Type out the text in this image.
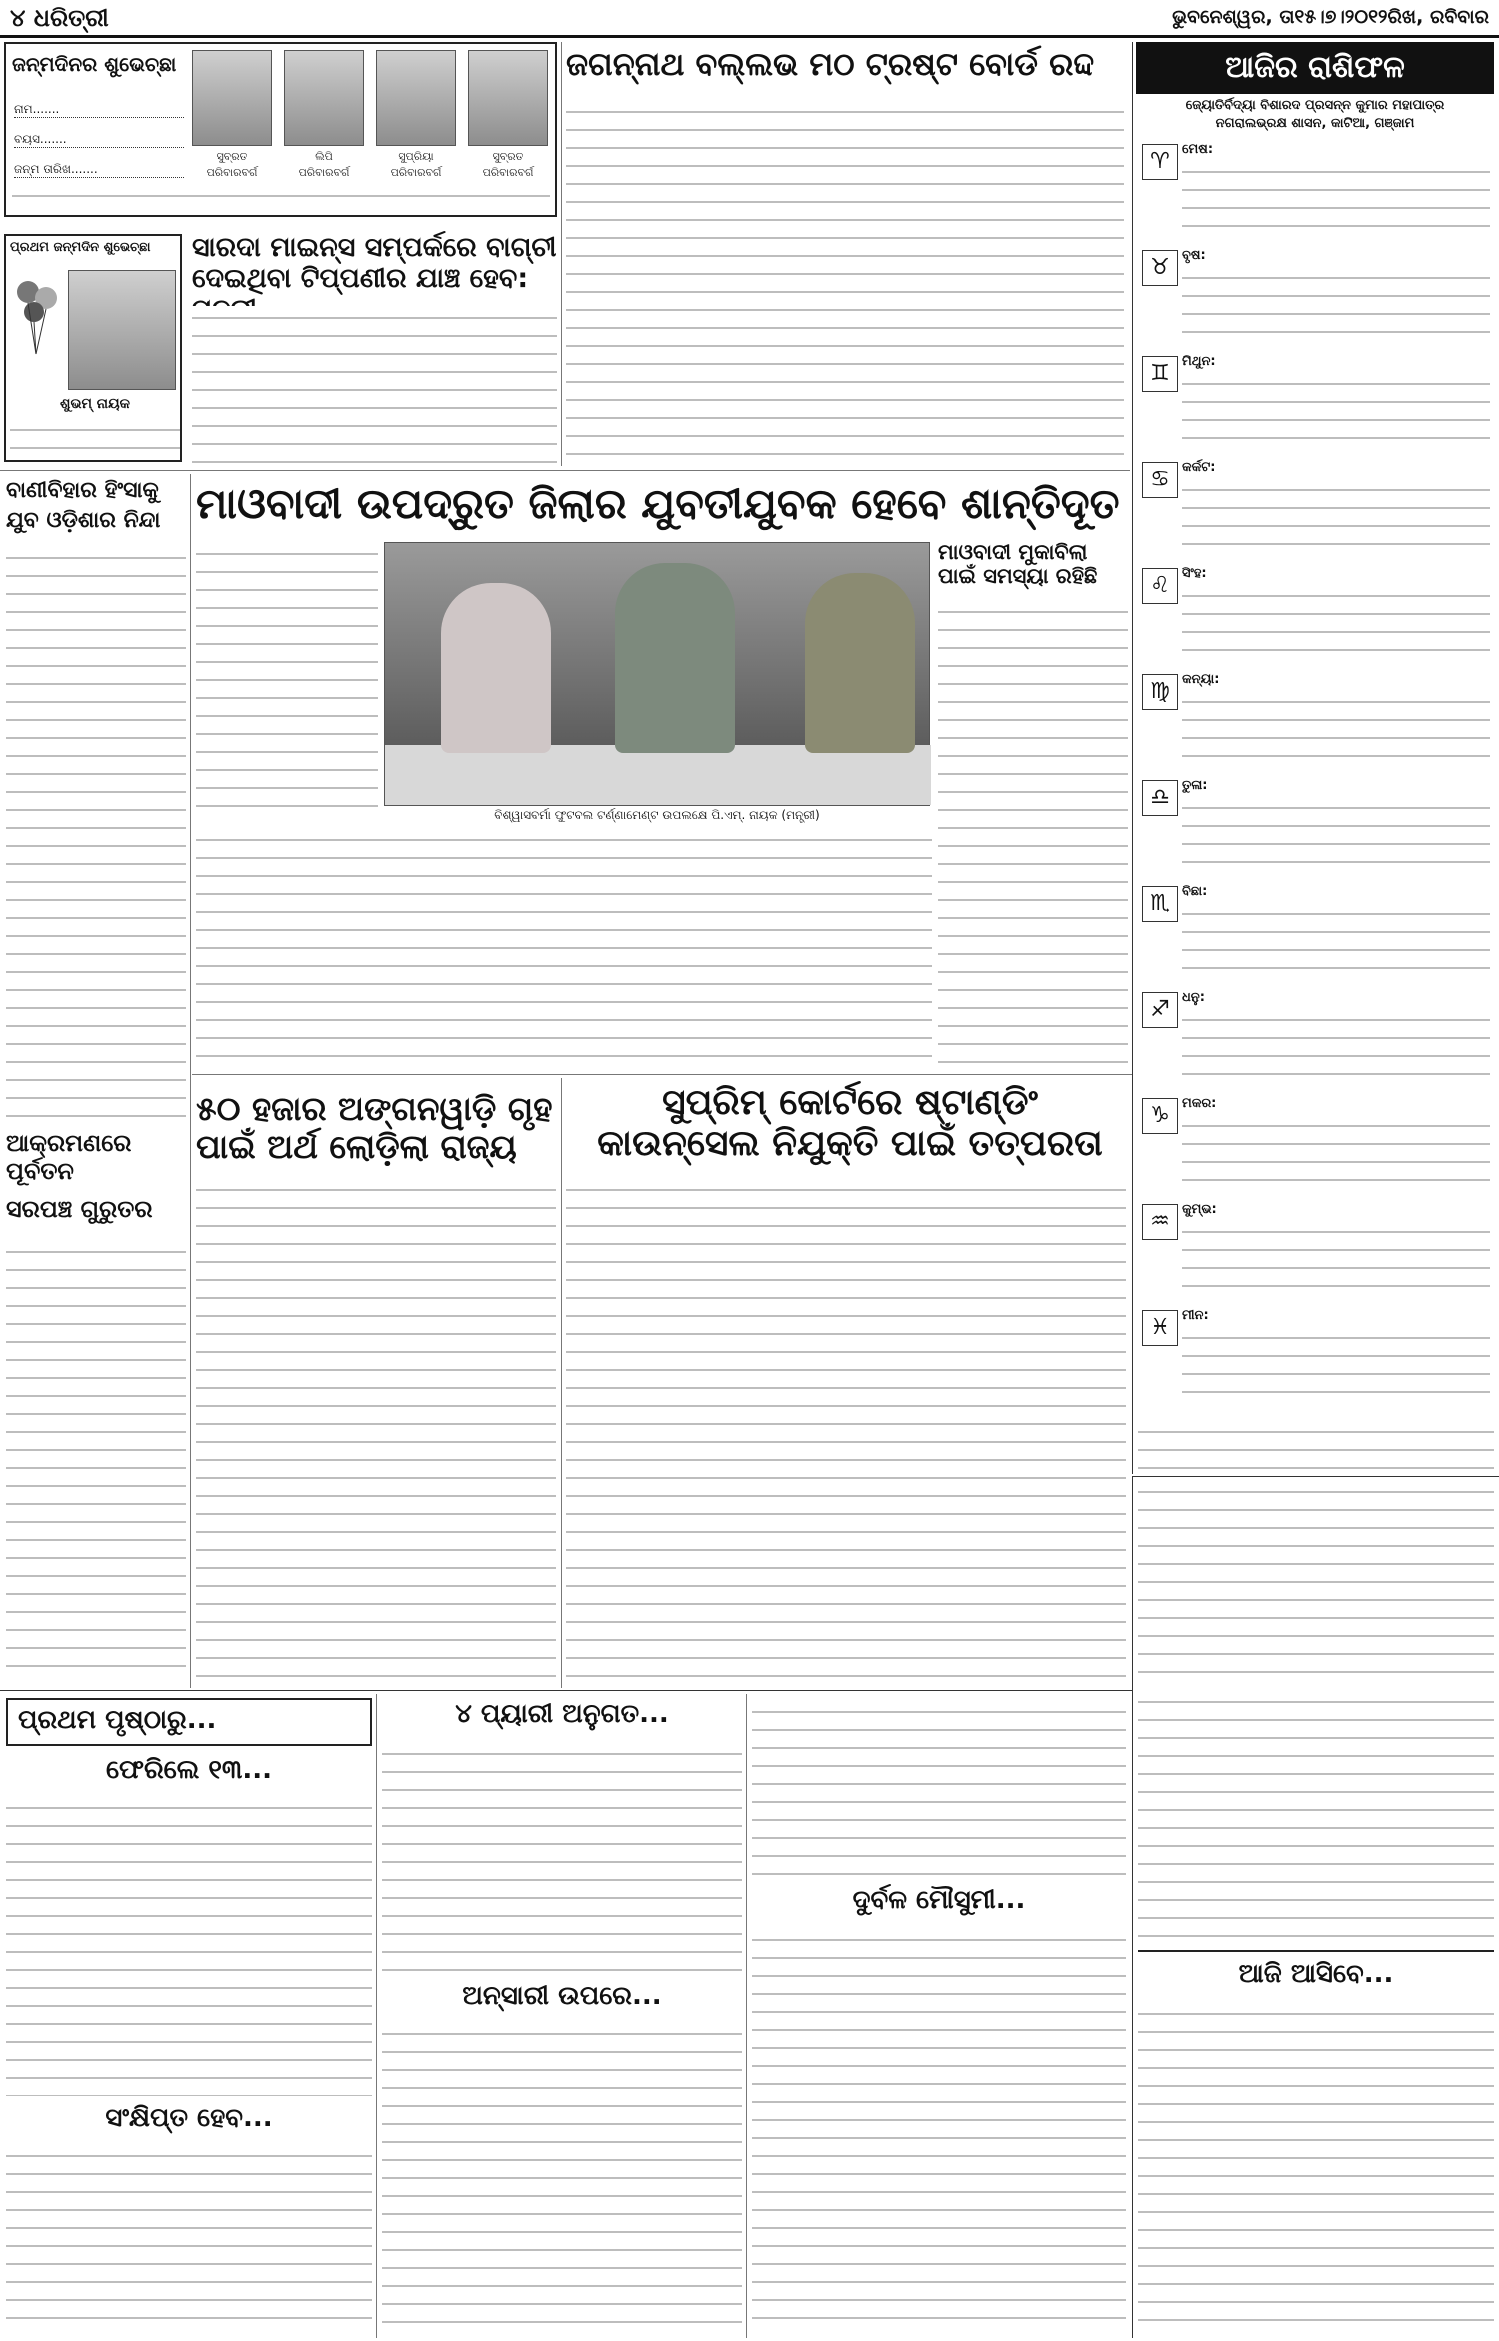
୪ ଧରିତ୍ରୀ	ଭୁବନେଶ୍ୱର, ତା୧୫।୭।୨୦୧୨ରିଖ, ରବିବାର
ଜନ୍ମଦିନର ଶୁଭେଚ୍ଛା
ନାମ.......
ବୟସ.......
ଜନ୍ମ ତାରିଖ.......
ସୁବ୍ରତ	ଲିପି	ସୁପ୍ରିୟା	ସୁବ୍ରତ
ପରିବାରବର୍ଗ	ପରିବାରବର୍ଗ	ପରିବାରବର୍ଗ	ପରିବାରବର୍ଗ
ପ୍ରଥମ ଜନ୍ମଦିନ ଶୁଭେଚ୍ଛା
ଶୁଭମ୍ ନାୟକ
ସାରଦା ମାଇନ୍ସ ସମ୍ପର୍କରେ ବାଗ୍ଚୀ ଦେଇଥିବା ଟିପ୍ପଣୀର ଯାଞ୍ଚ ହେବ:
ଜଗନ୍ନାଥ ବଲ୍ଲଭ ମଠ ଟ୍ରଷ୍ଟ ବୋର୍ଡ ରଦ୍ଦ	ଆଜିର ରାଶିଫଳ
ଜ୍ୟୋତିର୍ବିଦ୍ୟା ବିଶାରଦ ପ୍ରସନ୍ନ କୁମାର ମହାପାତ୍ର
ନଗରାଲଭ୍ରକ୍ଷ ଶାସନ, କାଟିଆ, ଗଞ୍ଜାମ
♈ ମେଷ:
♉ ବୃଷ:
♊ ମିଥୁନ:
♋ କର୍କଟ:
♌ ସିଂହ:
♍ କନ୍ୟା:
♎ ତୁଳା:
♏ ବିଛା:
♐ ଧନୁ:
♑ ମକର:
♒ କୁମ୍ଭ:
♓ ମୀନ:
ବାଣୀବିହାର ହିଂସାକୁ
ଯୁବ ଓଡ଼ିଶାର ନିନ୍ଦା
ଆକ୍ରମଣରେ ପୂର୍ବତନ
ସରପଞ୍ଚ ଗୁରୁତର
ମାଓବାଦୀ ଉପଦ୍ରୁତ ଜିଲାର ଯୁବତୀଯୁବକ ହେବେ ଶାନ୍ତିଦୂତ
ବିଶ୍ୱାସବର୍ମା ଫୁଟବଲ ଟର୍ଣ୍ଣାମେଣ୍ଟ ଉପଲକ୍ଷେ ପି.ଏମ୍. ନାୟକ (ମନ୍ତ୍ରୀ)
ମାଓବାଦୀ ମୁକାବିଲା ପାଇଁ ସମସ୍ୟା ରହିଛି
୫୦ ହଜାର ଅଙ୍ଗନୱାଡ଼ି ଗୃହ ପାଇଁ ଅର୍ଥ ଲୋଡ଼ିଲା ରାଜ୍ୟ
ସୁପ୍ରିମ୍ କୋର୍ଟରେ ଷ୍ଟାଣ୍ଡିଂ କାଉନ୍ସେଲ ନିଯୁକ୍ତି ପାଇଁ ତତ୍ପରତା
ପ୍ରଥମ ପୃଷ୍ଠାରୁ...
ଫେରିଲେ ୧୩...
ସଂକ୍ଷିପ୍ତ ହେବ...
୪ ପ୍ୟାରୀ ଅନୁଗତ...
ଅନ୍ସାରୀ ଉପରେ...
ଦୁର୍ବଳ ମୌସୁମୀ...
ଆଜି ଆସିବେ...
